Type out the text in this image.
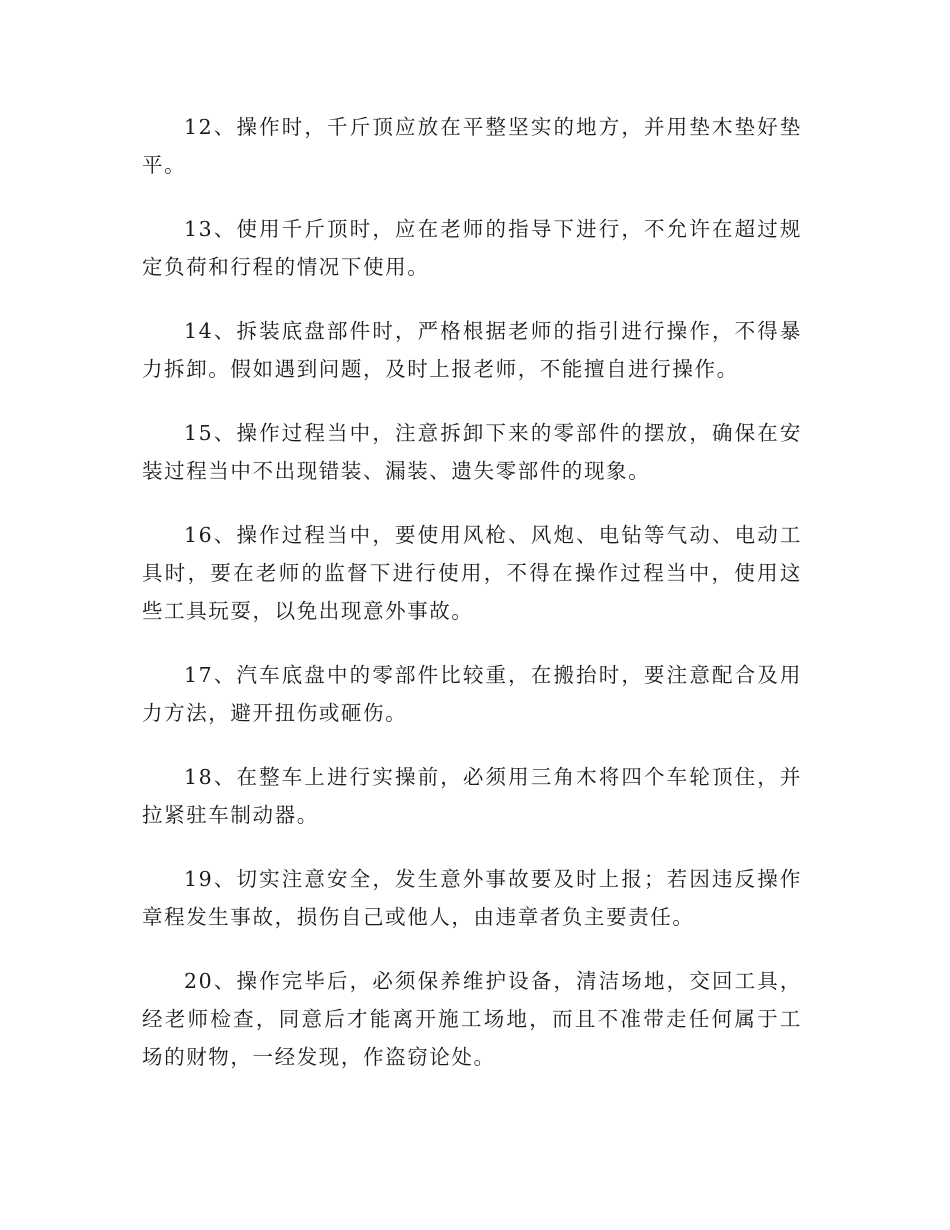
12、操作时，千斤顶应放在平整坚实的地方，并用垫木垫好垫平。

13、使用千斤顶时，应在老师的指导下进行，不允许在超过规定负荷和行程的情况下使用。

14、拆装底盘部件时，严格根据老师的指引进行操作，不得暴力拆卸。假如遇到问题，及时上报老师，不能擅自进行操作。

15、操作过程当中，注意拆卸下来的零部件的摆放，确保在安装过程当中不出现错装、漏装、遗失零部件的现象。

16、操作过程当中，要使用风枪、风炮、电钻等气动、电动工具时，要在老师的监督下进行使用，不得在操作过程当中，使用这些工具玩耍，以免出现意外事故。

17、汽车底盘中的零部件比较重，在搬抬时，要注意配合及用力方法，避开扭伤或砸伤。

18、在整车上进行实操前，必须用三角木将四个车轮顶住，并拉紧驻车制动器。

19、切实注意安全，发生意外事故要及时上报；若因违反操作章程发生事故，损伤自己或他人，由违章者负主要责任。

20、操作完毕后，必须保养维护设备，清洁场地，交回工具，经老师检查，同意后才能离开施工场地，而且不准带走任何属于工场的财物，一经发现，作盗窃论处。
